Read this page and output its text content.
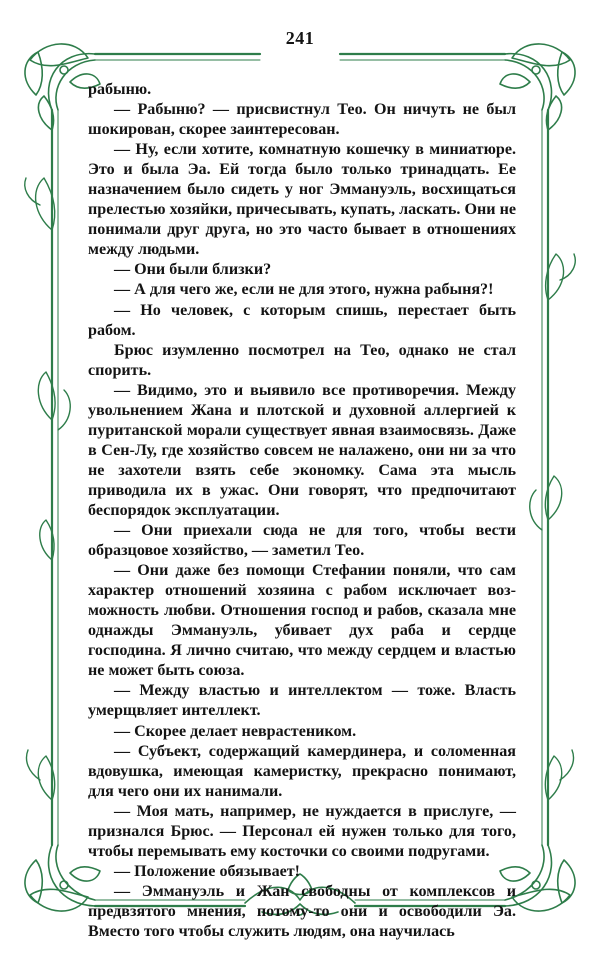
241

рабыню.

— Рабыню? — присвистнул Тео. Он ничуть не был шокирован, скорее заинтересован.

— Ну, если хотите, комнатную кошечку в миниатюре. Это и была Эа. Ей тогда было только тринадцать. Ее назначением было сидеть у ног Эммануэль, восхищаться прелестью хозяйки, причесывать, купать, ласкать. Они не понимали друг друга, но это часто бывает в отношениях между людьми.

— Они были близки?

— А для чего же, если не для этого, нужна рабыня?!

— Но человек, с которым спишь, перестает быть рабом.

Брюс изумленно посмотрел на Тео, однако не стал спорить.

— Видимо, это и выявило все противоречия. Между увольнением Жана и плотской и духовной аллергией к пуританской морали существует явная взаимосвязь. Даже в Сен-Лу, где хозяйство совсем не налажено, они ни за что не захотели взять себе экономку. Сама эта мысль приводила их в ужас. Они говорят, что предпочитают беспорядок эксплуатации.

— Они приехали сюда не для того, чтобы вести образцовое хозяйство, — заметил Тео.

— Они даже без помощи Стефании поняли, что сам характер отношений хозяина с рабом исключает возможность любви. Отношения господ и рабов, сказала мне однажды Эммануэль, убивает дух раба и сердце господина. Я лично считаю, что между сердцем и властью не может быть союза.

— Между властью и интеллектом — тоже. Власть умерщвляет интеллект.

— Скорее делает неврастеником.

— Субъект, содержащий камердинера, и соломенная вдовушка, имеющая камеристку, прекрасно понимают, для чего они их нанимали.

— Моя мать, например, не нуждается в прислуге, — признался Брюс. — Персонал ей нужен только для того, чтобы перемывать ему косточки со своими подругами.

— Положение обязывает!

— Эммануэль и Жан свободны от комплексов и предвзятого мнения, потому-то они и освободили Эа. Вместо того чтобы служить людям, она научилась
